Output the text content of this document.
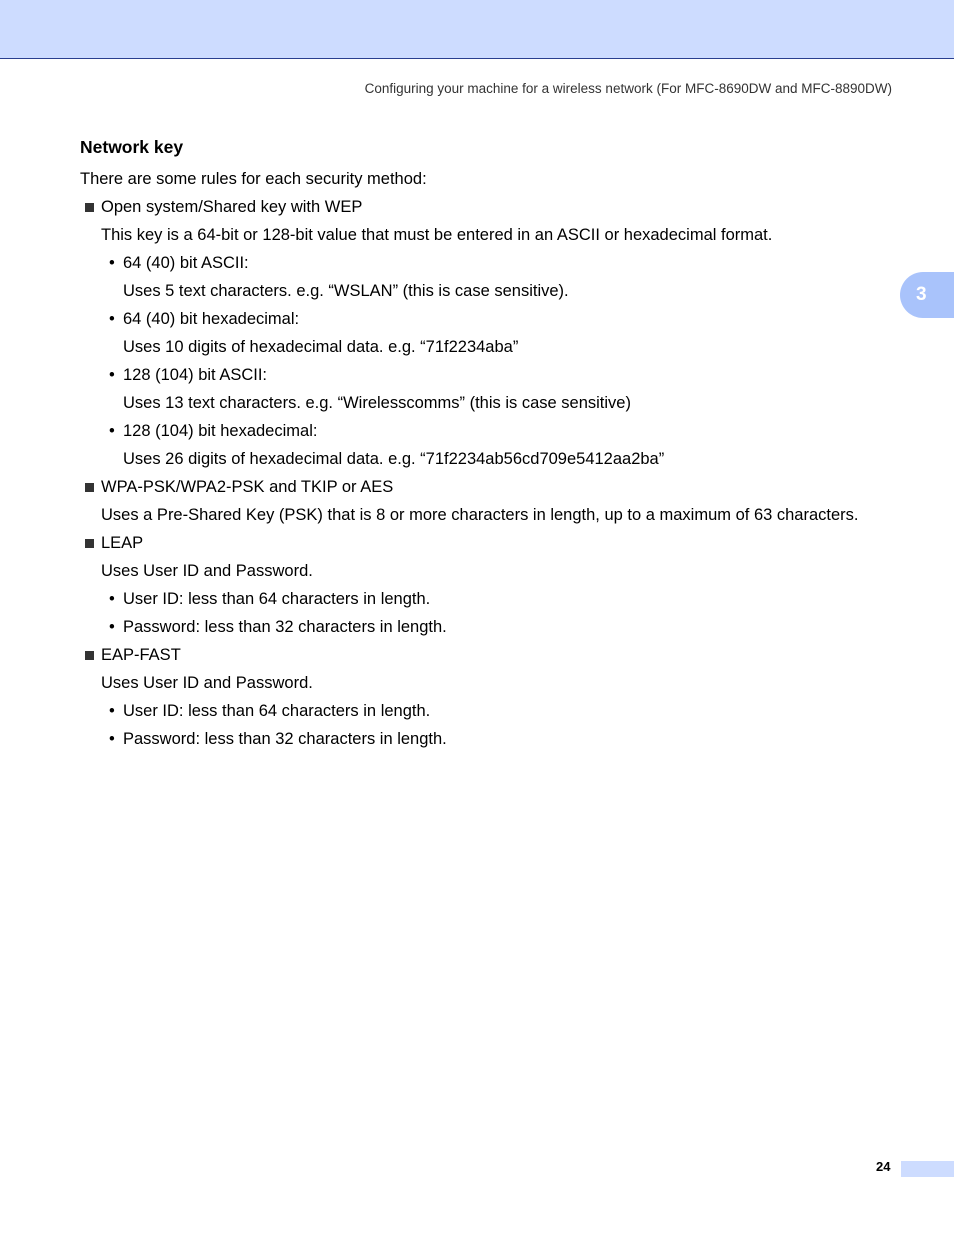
Configuring your machine for a wireless network (For MFC-8690DW and MFC-8890DW)
3
Network key
There are some rules for each security method:
Open system/Shared key with WEP
This key is a 64-bit or 128-bit value that must be entered in an ASCII or hexadecimal format.
• 64 (40) bit ASCII:
Uses 5 text characters. e.g. “WSLAN” (this is case sensitive).
• 64 (40) bit hexadecimal:
Uses 10 digits of hexadecimal data. e.g. “71f2234aba”
• 128 (104) bit ASCII:
Uses 13 text characters. e.g. “Wirelesscomms” (this is case sensitive)
• 128 (104) bit hexadecimal:
Uses 26 digits of hexadecimal data. e.g. “71f2234ab56cd709e5412aa2ba”
WPA-PSK/WPA2-PSK and TKIP or AES
Uses a Pre-Shared Key (PSK) that is 8 or more characters in length, up to a maximum of 63 characters.
LEAP
Uses User ID and Password.
• User ID: less than 64 characters in length.
• Password: less than 32 characters in length.
EAP-FAST
Uses User ID and Password.
• User ID: less than 64 characters in length.
• Password: less than 32 characters in length.
24
